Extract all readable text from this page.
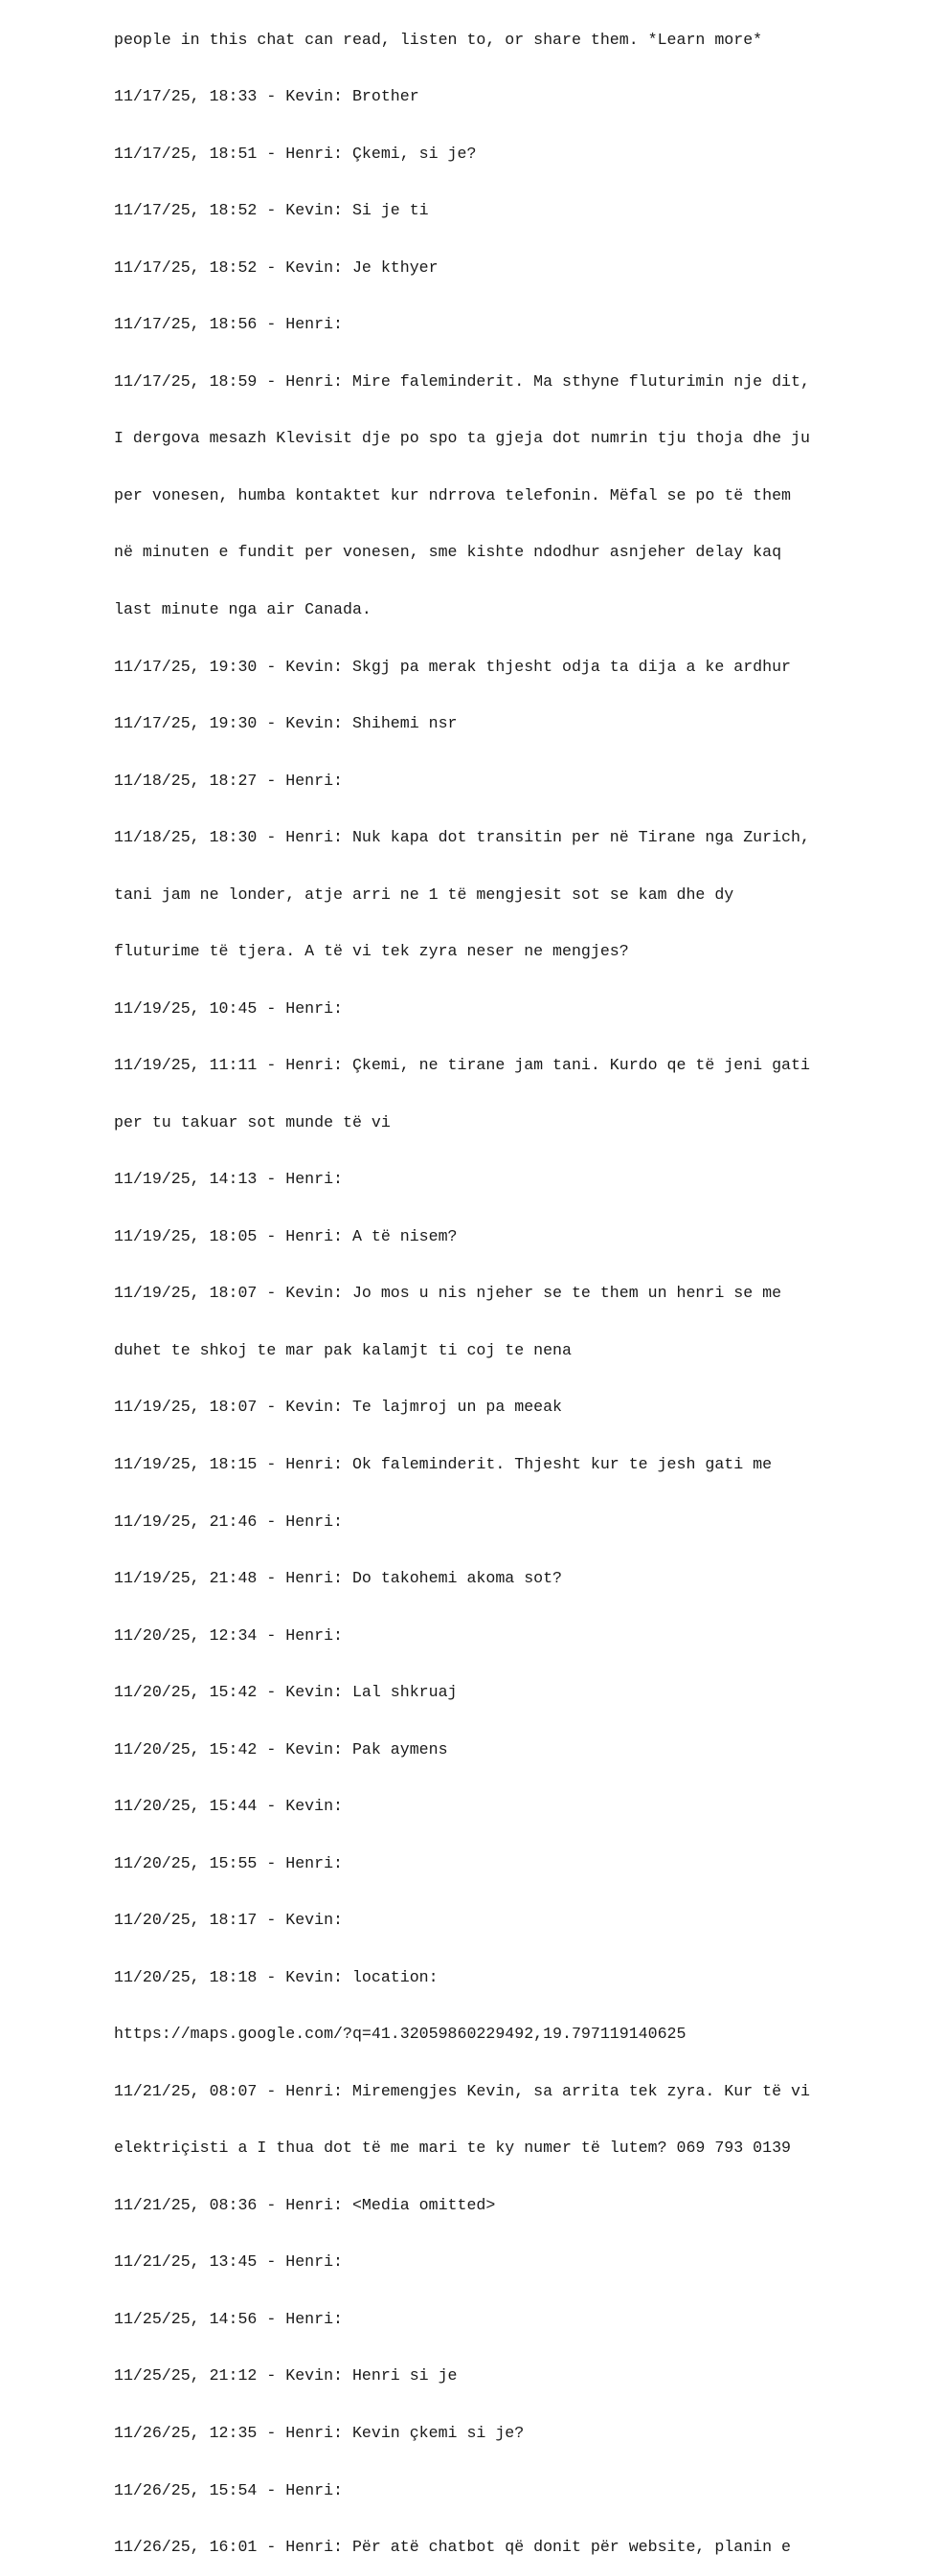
people in this chat can read, listen to, or share them. *Learn more*

11/17/25, 18:33 - Kevin: Brother

11/17/25, 18:51 - Henri: Çkemi, si je?

11/17/25, 18:52 - Kevin: Si je ti

11/17/25, 18:52 - Kevin: Je kthyer

11/17/25, 18:56 - Henri:

11/17/25, 18:59 - Henri: Mire faleminderit. Ma sthyne fluturimin nje dit,

I dergova mesazh Klevisit dje po spo ta gjeja dot numrin tju thoja dhe ju

per vonesen, humba kontaktet kur ndrrova telefonin. Mëfal se po të them

në minuten e fundit per vonesen, sme kishte ndodhur asnjeher delay kaq

last minute nga air Canada.

11/17/25, 19:30 - Kevin: Skgj pa merak thjesht odja ta dija a ke ardhur

11/17/25, 19:30 - Kevin: Shihemi nsr

11/18/25, 18:27 - Henri:

11/18/25, 18:30 - Henri: Nuk kapa dot transitin per në Tirane nga Zurich,

tani jam ne londer, atje arri ne 1 të mengjesit sot se kam dhe dy

fluturime të tjera. A të vi tek zyra neser ne mengjes?

11/19/25, 10:45 - Henri:

11/19/25, 11:11 - Henri: Çkemi, ne tirane jam tani. Kurdo qe të jeni gati

per tu takuar sot munde të vi

11/19/25, 14:13 - Henri:

11/19/25, 18:05 - Henri: A të nisem?

11/19/25, 18:07 - Kevin: Jo mos u nis njeher se te them un henri se me

duhet te shkoj te mar pak kalamjt ti coj te nena

11/19/25, 18:07 - Kevin: Te lajmroj un pa meeak

11/19/25, 18:15 - Henri: Ok faleminderit. Thjesht kur te jesh gati me

11/19/25, 21:46 - Henri:

11/19/25, 21:48 - Henri: Do takohemi akoma sot?

11/20/25, 12:34 - Henri:

11/20/25, 15:42 - Kevin: Lal shkruaj

11/20/25, 15:42 - Kevin: Pak aymens

11/20/25, 15:44 - Kevin:

11/20/25, 15:55 - Henri:

11/20/25, 18:17 - Kevin:

11/20/25, 18:18 - Kevin: location:

https://maps.google.com/?q=41.32059860229492,19.797119140625

11/21/25, 08:07 - Henri: Miremengjes Kevin, sa arrita tek zyra. Kur të vi

elektriçisti a I thua dot të me mari te ky numer të lutem? 069 793 0139

11/21/25, 08:36 - Henri: <Media omitted>

11/21/25, 13:45 - Henri:

11/25/25, 14:56 - Henri:

11/25/25, 21:12 - Kevin: Henri si je

11/26/25, 12:35 - Henri: Kevin çkemi si je?

11/26/25, 15:54 - Henri:

11/26/25, 16:01 - Henri: Për atë chatbot që donit për website, planin e
